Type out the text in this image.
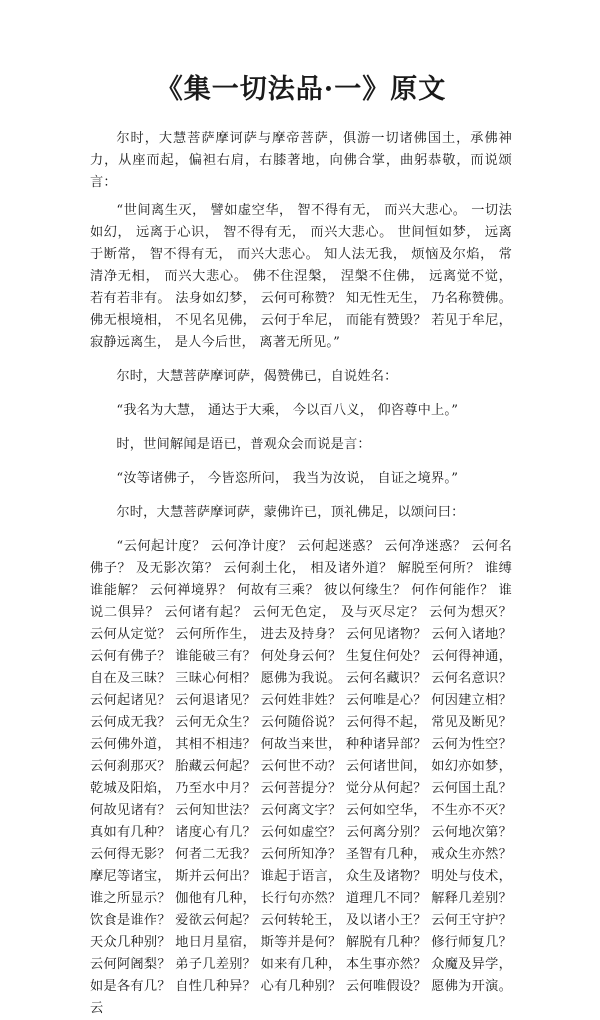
《集一切法品·一》原文

尔时，大慧菩萨摩诃萨与摩帝菩萨，俱游一切诸佛国土，承佛神力，从座而起，偏袒右肩，右膝著地，向佛合掌，曲躬恭敬，而说颂言：

“世间离生灭， 譬如虚空华， 智不得有无， 而兴大悲心。 一切法如幻， 远离于心识， 智不得有无， 而兴大悲心。 世间恒如梦， 远离于断常， 智不得有无， 而兴大悲心。 知人法无我， 烦恼及尔焰， 常清净无相， 而兴大悲心。 佛不住涅槃， 涅槃不住佛， 远离觉不觉， 若有若非有。 法身如幻梦， 云何可称赞？ 知无性无生， 乃名称赞佛。 佛无根境相， 不见名见佛， 云何于牟尼， 而能有赞毁？ 若见于牟尼， 寂静远离生， 是人今后世， 离著无所见。”

尔时，大慧菩萨摩诃萨，偈赞佛已，自说姓名：

“我名为大慧， 通达于大乘， 今以百八义， 仰咨尊中上。”

时，世间解闻是语已，普观众会而说是言：

“汝等诸佛子， 今皆恣所问， 我当为汝说， 自证之境界。”

尔时，大慧菩萨摩诃萨，蒙佛许已，顶礼佛足，以颂问曰：

“云何起计度？ 云何净计度？ 云何起迷惑？ 云何净迷惑？ 云何名佛子？ 及无影次第？ 云何刹土化， 相及诸外道？ 解脱至何所？ 谁缚谁能解？ 云何禅境界？ 何故有三乘？ 彼以何缘生？ 何作何能作？ 谁说二俱异？ 云何诸有起？ 云何无色定， 及与灭尽定？ 云何为想灭？ 云何从定觉？ 云何所作生， 进去及持身？ 云何见诸物？ 云何入诸地？ 云何有佛子？ 谁能破三有？ 何处身云何？ 生复住何处？ 云何得神通， 自在及三昧？ 三昧心何相？ 愿佛为我说。 云何名藏识？ 云何名意识？ 云何起诸见？ 云何退诸见？ 云何姓非姓？ 云何唯是心？ 何因建立相？ 云何成无我？ 云何无众生？ 云何随俗说？ 云何得不起， 常见及断见？ 云何佛外道， 其相不相违？ 何故当来世， 种种诸异部？ 云何为性空？ 云何刹那灭？ 胎藏云何起？ 云何世不动？ 云何诸世间， 如幻亦如梦， 乾城及阳焰， 乃至水中月？ 云何菩提分？ 觉分从何起？ 云何国土乱？ 何故见诸有？ 云何知世法？ 云何离文字？ 云何如空华， 不生亦不灭？ 真如有几种？ 诸度心有几？ 云何如虚空？ 云何离分别？ 云何地次第？ 云何得无影？ 何者二无我？ 云何所知净？ 圣智有几种， 戒众生亦然？ 摩尼等诸宝， 斯并云何出？ 谁起于语言， 众生及诸物？ 明处与伎术， 谁之所显示？ 伽他有几种， 长行句亦然？ 道理几不同？ 解释几差别？ 饮食是谁作？ 爱欲云何起？ 云何转轮王， 及以诸小王？ 云何王守护？ 天众几种别？ 地日月星宿， 斯等并是何？ 解脱有几种？ 修行师复几？ 云何阿阇梨？ 弟子几差别？ 如来有几种， 本生事亦然？ 众魔及异学， 如是各有几？ 自性几种异？ 心有几种别？ 云何唯假设？ 愿佛为开演。 云
